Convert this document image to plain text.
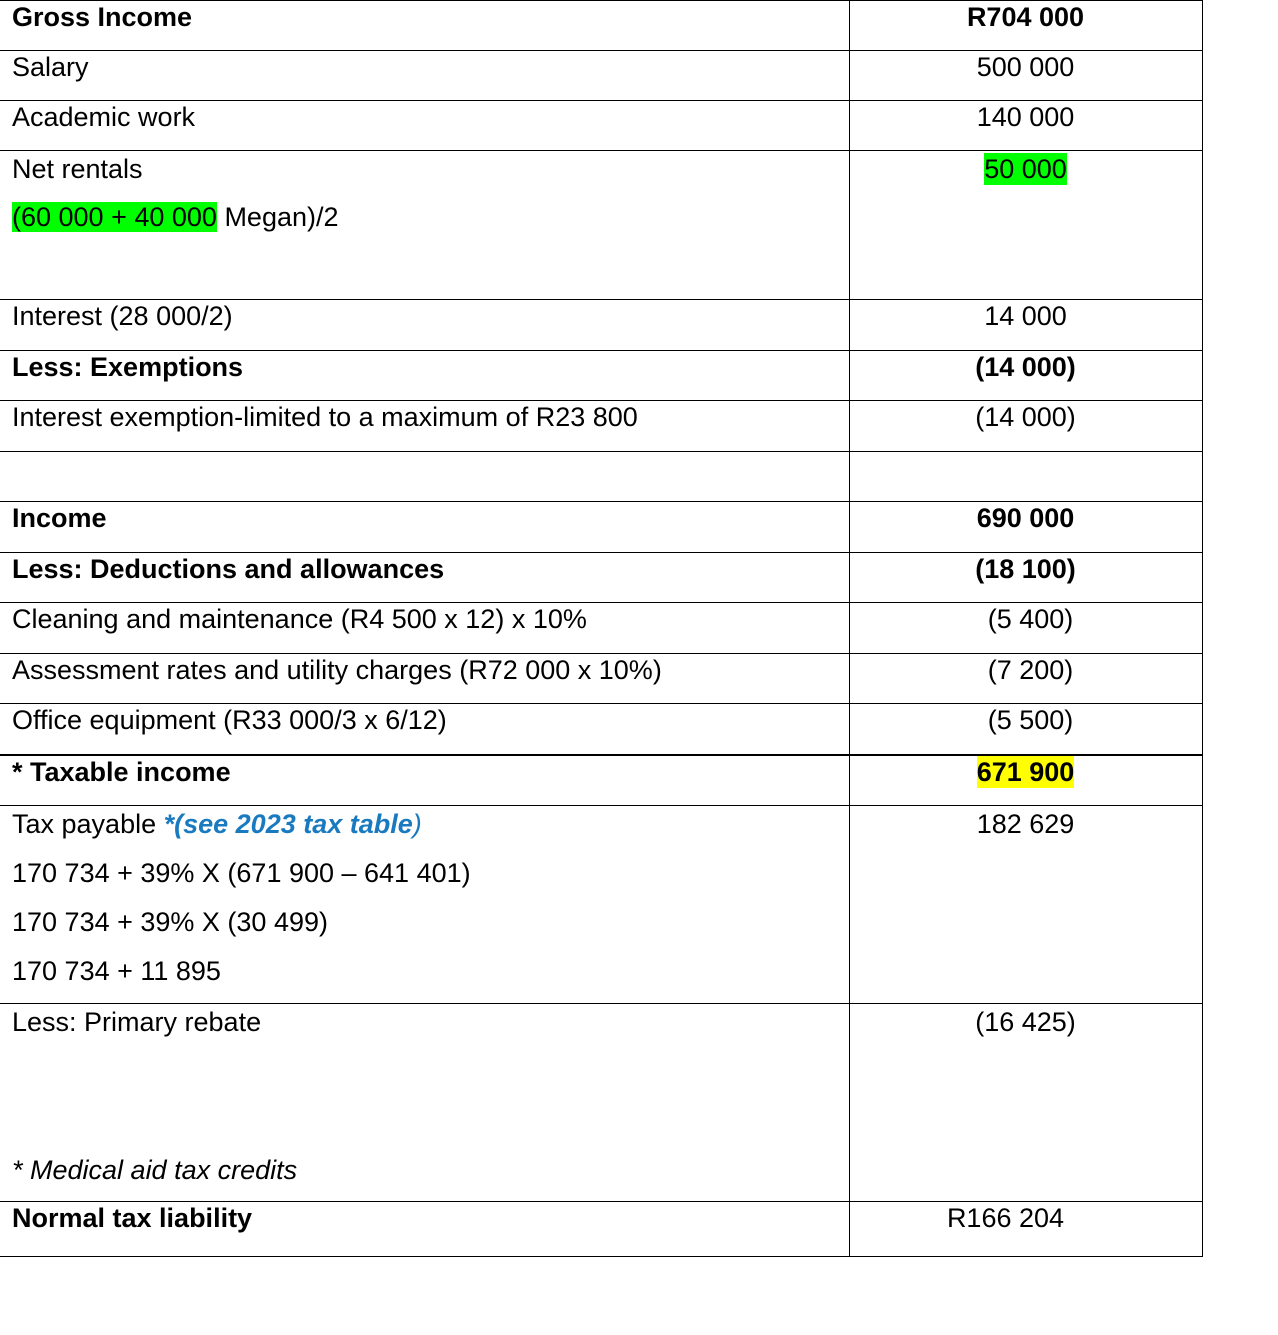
Gross Income	R704 000
Salary	500 000
Academic work	140 000

Net rentals
(60 000 + 40 000 Megan)/2	50 000
Interest (28 000/2)	14 000
Less: Exemptions	(14 000)
Interest exemption-limited to a maximum of R23 800	(14 000)

Income	690 000
Less: Deductions and allowances	(18 100)
Cleaning and maintenance (R4 500 x 12) x 10%	(5 400)
Assessment rates and utility charges (R72 000 x 10%)	(7 200)
Office equipment (R33 000/3 x 6/12)	(5 500)
* Taxable income	671 900

Tax payable *(see 2023 tax table)
170 734 + 39% X (671 900 – 641 401)
170 734 + 39% X (30 499)
170 734 + 11 895	182 629

Less: Primary rebate
* Medical aid tax credits	(16 425)
Normal tax liability	R166 204
